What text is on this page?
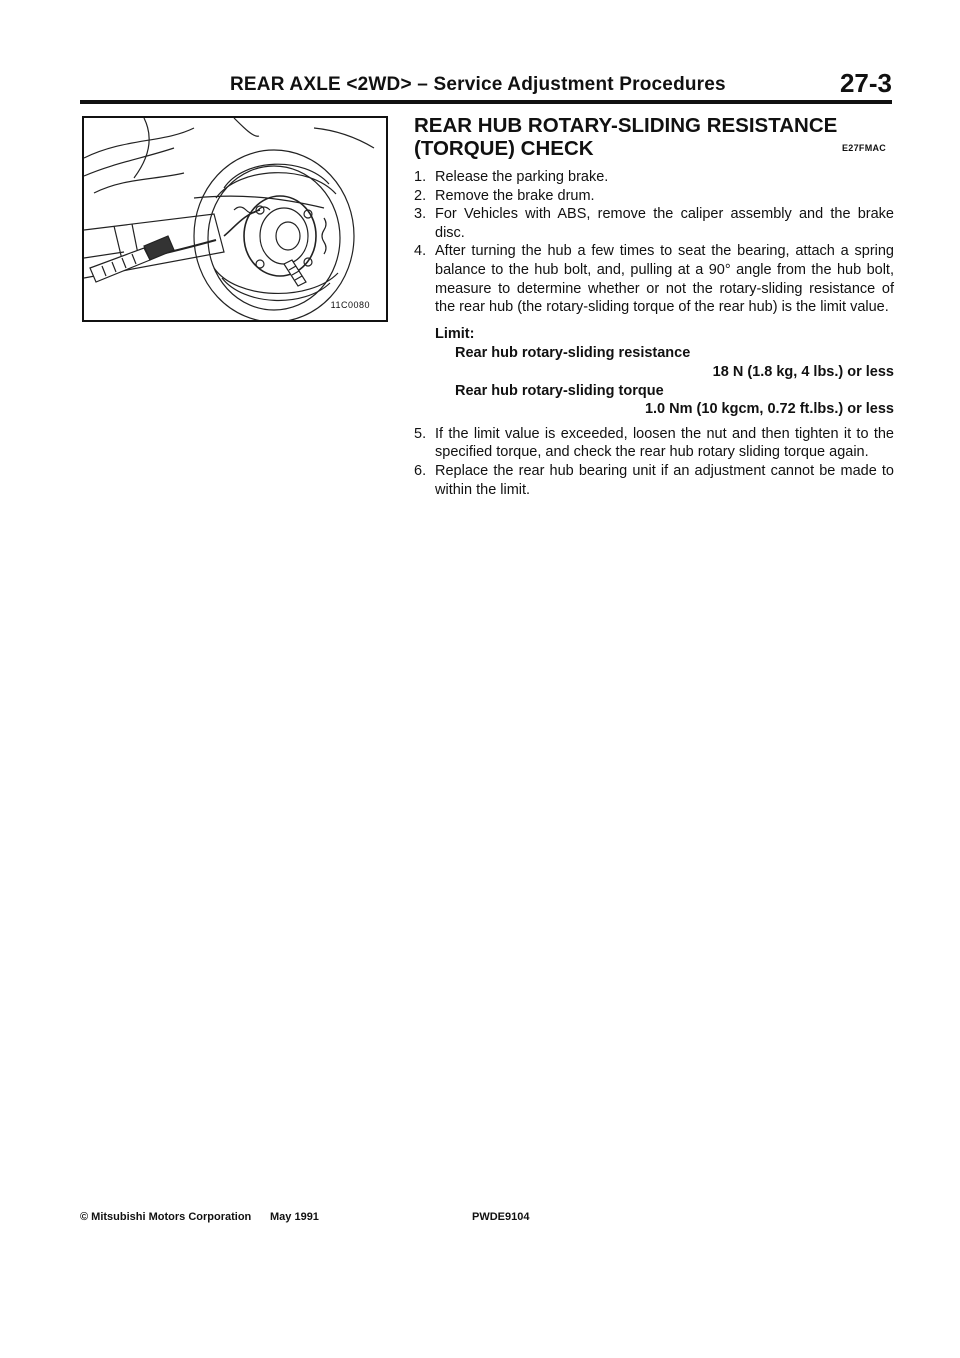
REAR AXLE <2WD> – Service Adjustment Procedures	27-3
11C0080
REAR HUB ROTARY-SLIDING RESISTANCE
(TORQUE) CHECK	E27FMAC
1. Release the parking brake.
2. Remove the brake drum.
3. For Vehicles with ABS, remove the caliper assembly and the brake disc.
4. After turning the hub a few times to seat the bearing, attach a spring balance to the hub bolt, and, pulling at a 90° angle from the hub bolt, measure to determine whether or not the rotary-sliding resistance of the rear hub (the rotary-sliding torque of the rear hub) is the limit value.
Limit:
Rear hub rotary-sliding resistance
18 N (1.8 kg, 4 lbs.) or less
Rear hub rotary-sliding torque
1.0 Nm (10 kgcm, 0.72 ft.lbs.) or less
5. If the limit value is exceeded, loosen the nut and then tighten it to the specified torque, and check the rear hub rotary sliding torque again.
6. Replace the rear hub bearing unit if an adjustment cannot be made to within the limit.
© Mitsubishi Motors Corporation May 1991	PWDE9104
